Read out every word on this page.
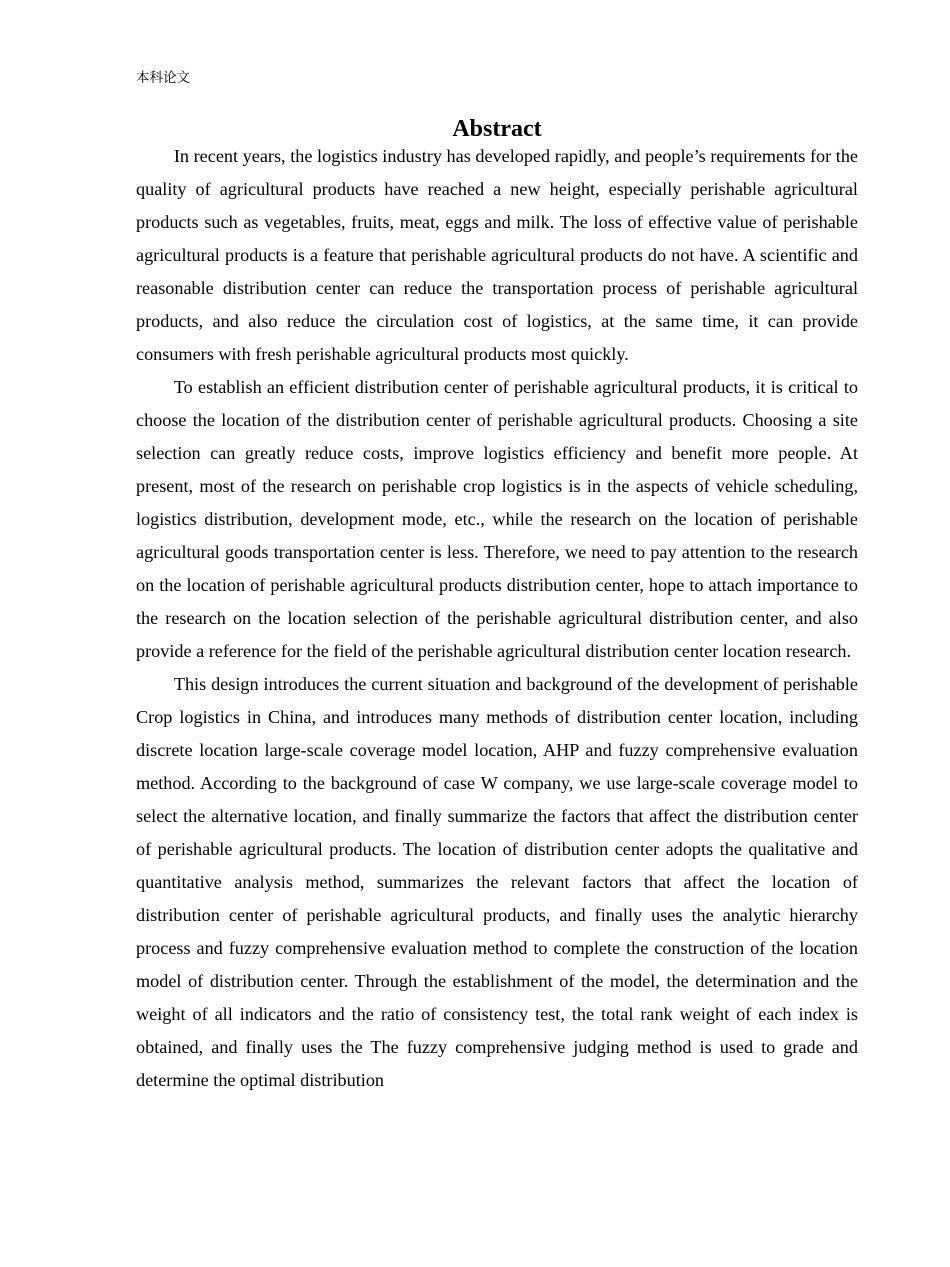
本科论文
Abstract

In recent years, the logistics industry has developed rapidly, and people’s requirements for the quality of agricultural products have reached a new height, especially perishable agricultural products such as vegetables, fruits, meat, eggs and milk. The loss of effective value of perishable agricultural products is a feature that perishable agricultural products do not have. A scientific and reasonable distribution center can reduce the transportation process of perishable agricultural products, and also reduce the circulation cost of logistics, at the same time, it can provide consumers with fresh perishable agricultural products most quickly.

To establish an efficient distribution center of perishable agricultural products, it is critical to choose the location of the distribution center of perishable agricultural products. Choosing a site selection can greatly reduce costs, improve logistics efficiency and benefit more people. At present, most of the research on perishable crop logistics is in the aspects of vehicle scheduling, logistics distribution, development mode, etc., while the research on the location of perishable agricultural goods transportation center is less. Therefore, we need to pay attention to the research on the location of perishable agricultural products distribution center, hope to attach importance to the research on the location selection of the perishable agricultural distribution center, and also provide a reference for the field of the perishable agricultural distribution center location research.

This design introduces the current situation and background of the development of perishable Crop logistics in China, and introduces many methods of distribution center location, including discrete location large-scale coverage model location, AHP and fuzzy comprehensive evaluation method. According to the background of case W company, we use large-scale coverage model to select the alternative location, and finally summarize the factors that affect the distribution center of perishable agricultural products. The location of distribution center adopts the qualitative and quantitative analysis method, summarizes the relevant factors that affect the location of distribution center of perishable agricultural products, and finally uses the analytic hierarchy process and fuzzy comprehensive evaluation method to complete the construction of the location model of distribution center. Through the establishment of the model, the determination and the weight of all indicators and the ratio of consistency test, the total rank weight of each index is obtained, and finally uses the The fuzzy comprehensive judging method is used to grade and determine the optimal distribution
